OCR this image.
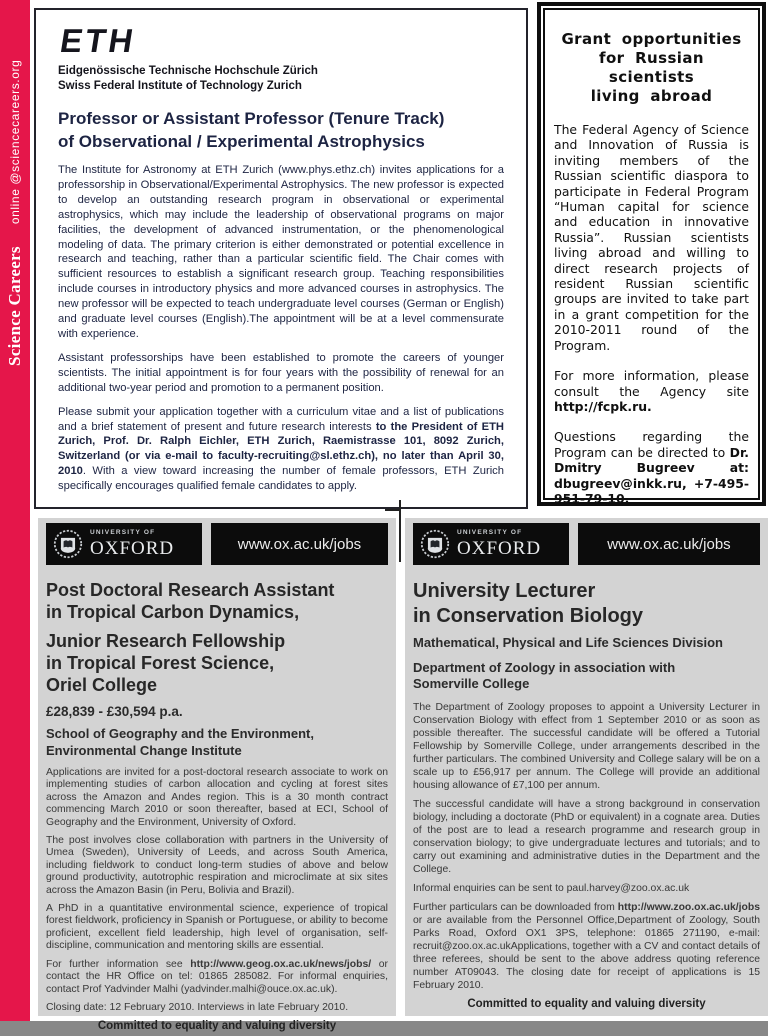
Science Careers
online @sciencecareers.org
ETH
Eidgenössische Technische Hochschule Zürich
Swiss Federal Institute of Technology Zurich
Professor or Assistant Professor (Tenure Track)
of Observational / Experimental Astrophysics

The Institute for Astronomy at ETH Zurich (www.phys.ethz.ch) invites applications for a professorship in Observational/Experimental Astrophysics. The new professor is expected to develop an outstanding research program in observational or experimental astrophysics, which may include the leadership of observational programs on major facilities, the development of advanced instrumentation, or the phenomenological modeling of data. The primary criterion is either demonstrated or potential excellence in research and teaching, rather than a particular scientific field. The Chair comes with sufficient resources to establish a significant research group. Teaching responsibilities include courses in introductory physics and more advanced courses in astrophysics. The new professor will be expected to teach undergraduate level courses (German or English) and graduate level courses (English).The appointment will be at a level commensurate with experience.

Assistant professorships have been established to promote the careers of younger scientists. The initial appointment is for four years with the possibility of renewal for an additional two-year period and promotion to a permanent position.

Please submit your application together with a curriculum vitae and a list of publications and a brief statement of present and future research interests to the President of ETH Zurich, Prof. Dr. Ralph Eichler, ETH Zurich, Raemistrasse 101, 8092 Zurich, Switzerland (or via e-mail to faculty-recruiting@sl.ethz.ch), no later than April 30, 2010. With a view toward increasing the number of female professors, ETH Zurich specifically encourages qualified female candidates to apply.

Grant opportunities
for Russian scientists
living abroad

The Federal Agency of Science and Innovation of Russia is inviting members of the Russian scientific diaspora to participate in Federal Program “Human capital for science and education in innovative Russia”. Russian scientists living abroad and willing to direct research projects of resident Russian scientific groups are invited to take part in a grant competition for the 2010-2011 round of the Program.

For more information, please consult the Agency site http://fcpk.ru.

Questions regarding the Program can be directed to Dr. Dmitry Bugreev at: dbugreev@inkk.ru, +7-495-951-79-10.

UNIVERSITY OF
OXFORD	www.ox.ac.uk/jobs
Post Doctoral Research Assistant
in Tropical Carbon Dynamics,
Junior Research Fellowship
in Tropical Forest Science,
Oriel College
£28,839 - £30,594 p.a.
School of Geography and the Environment,
Environmental Change Institute

Applications are invited for a post-doctoral research associate to work on implementing studies of carbon allocation and cycling at forest sites across the Amazon and Andes region. This is a 30 month contract commencing March 2010 or soon thereafter, based at ECI, School of Geography and the Environment, University of Oxford.

The post involves close collaboration with partners in the University of Umea (Sweden), University of Leeds, and across South America, including fieldwork to conduct long-term studies of above and below ground productivity, autotrophic respiration and microclimate at six sites across the Amazon Basin (in Peru, Bolivia and Brazil).

A PhD in a quantitative environmental science, experience of tropical forest fieldwork, proficiency in Spanish or Portuguese, or ability to become proficient, excellent field leadership, high level of organisation, self-discipline, communication and mentoring skills are essential.

For further information see http://www.geog.ox.ac.uk/news/jobs/ or contact the HR Office on tel: 01865 285082. For informal enquiries, contact Prof Yadvinder Malhi (yadvinder.malhi@ouce.ox.ac.uk).

Closing date: 12 February 2010. Interviews in late February 2010.

Committed to equality and valuing diversity
UNIVERSITY OF
OXFORD	www.ox.ac.uk/jobs
University Lecturer
in Conservation Biology
Mathematical, Physical and Life Sciences Division
Department of Zoology in association with
Somerville College

The Department of Zoology proposes to appoint a University Lecturer in Conservation Biology with effect from 1 September 2010 or as soon as possible thereafter. The successful candidate will be offered a Tutorial Fellowship by Somerville College, under arrangements described in the further particulars. The combined University and College salary will be on a scale up to £56,917 per annum. The College will provide an additional housing allowance of £7,100 per annum.

The successful candidate will have a strong background in conservation biology, including a doctorate (PhD or equivalent) in a cognate area. Duties of the post are to lead a research programme and research group in conservation biology; to give undergraduate lectures and tutorials; and to carry out examining and administrative duties in the Department and the College.

Informal enquiries can be sent to paul.harvey@zoo.ox.ac.uk

Further particulars can be downloaded from http://www.zoo.ox.ac.uk/jobs or are available from the Personnel Office,Department of Zoology, South Parks Road, Oxford OX1 3PS, telephone: 01865 271190, e-mail: recruit@zoo.ox.ac.ukApplications, together with a CV and contact details of three referees, should be sent to the above address quoting reference number AT09043. The closing date for receipt of applications is 15 February 2010.

Committed to equality and valuing diversity
